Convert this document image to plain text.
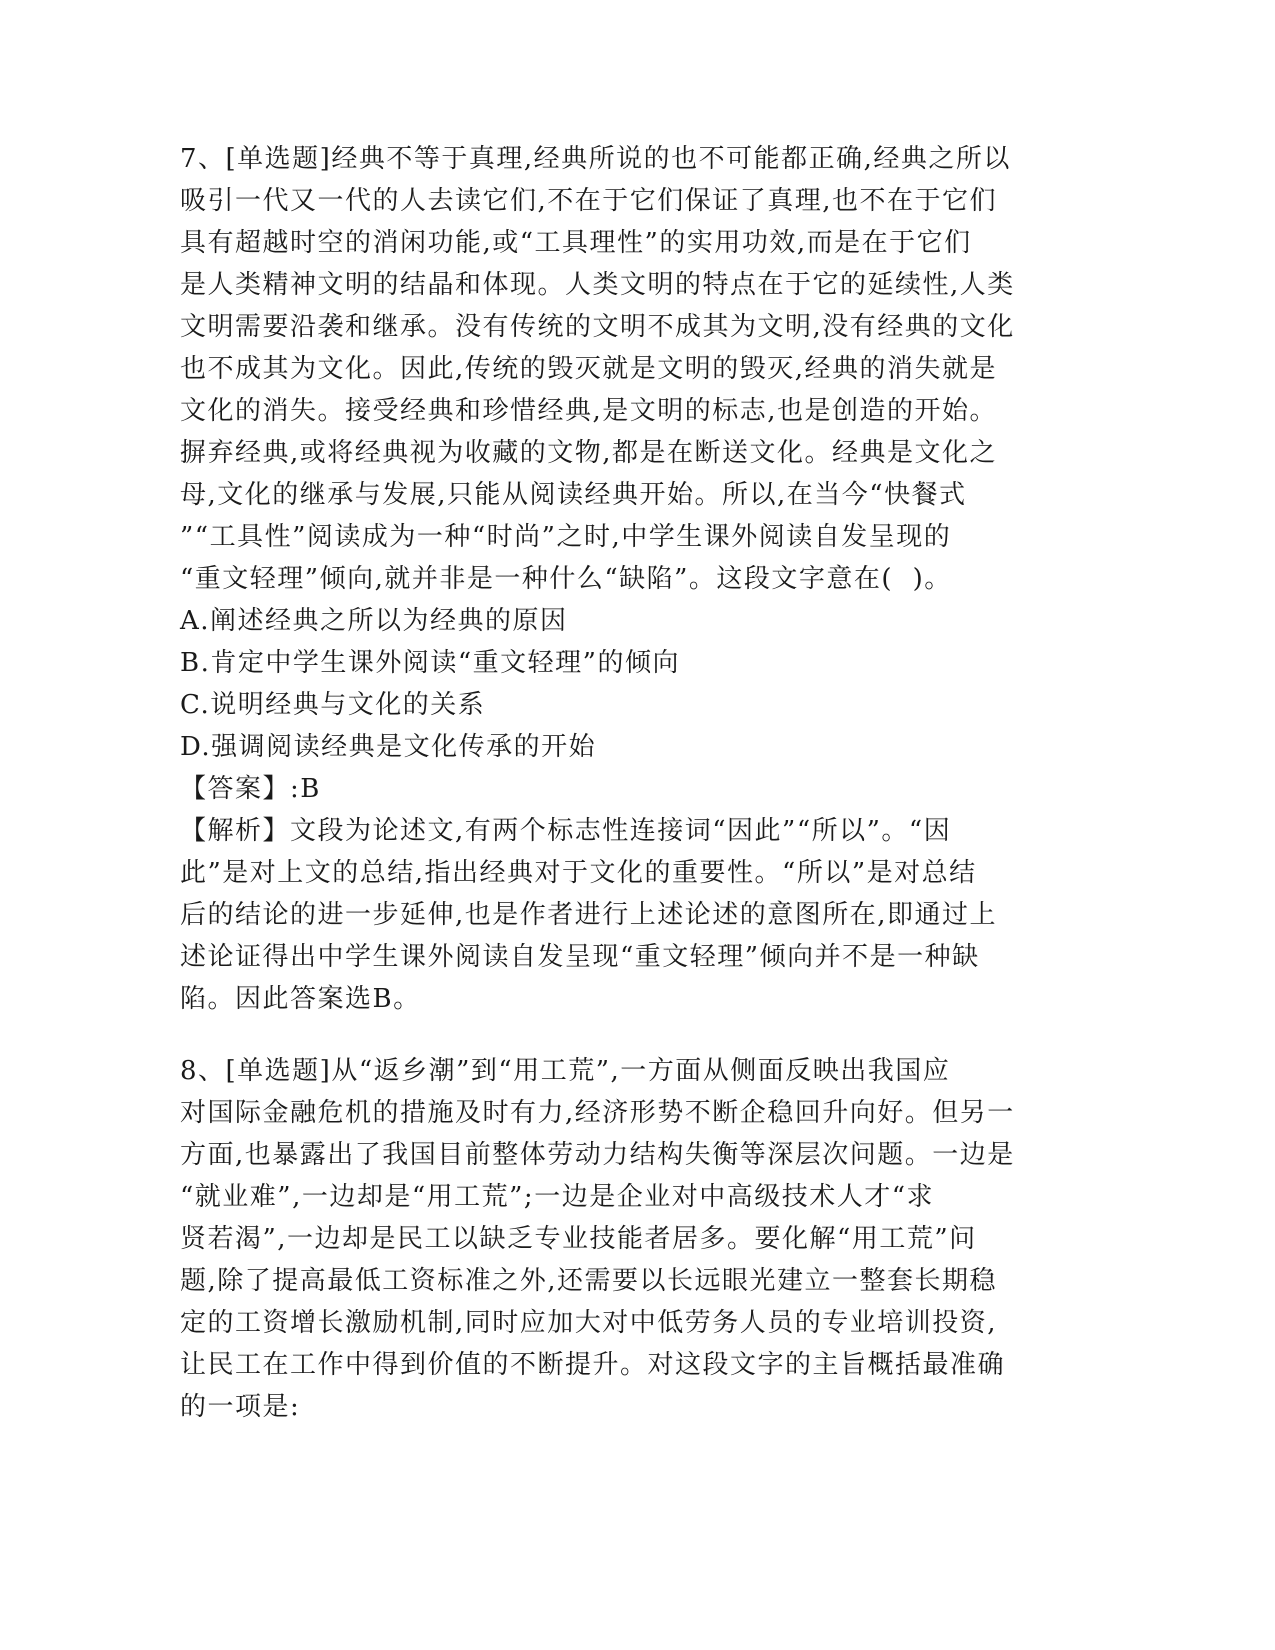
7、[单选题]经典不等于真理,经典所说的也不可能都正确,经典之所以
吸引一代又一代的人去读它们,不在于它们保证了真理,也不在于它们
具有超越时空的消闲功能,或“工具理性”的实用功效,而是在于它们
是人类精神文明的结晶和体现。人类文明的特点在于它的延续性,人类
文明需要沿袭和继承。没有传统的文明不成其为文明,没有经典的文化
也不成其为文化。因此,传统的毁灭就是文明的毁灭,经典的消失就是
文化的消失。接受经典和珍惜经典,是文明的标志,也是创造的开始。
摒弃经典,或将经典视为收藏的文物,都是在断送文化。经典是文化之
母,文化的继承与发展,只能从阅读经典开始。所以,在当今“快餐式
”“工具性”阅读成为一种“时尚”之时,中学生课外阅读自发呈现的
“重文轻理”倾向,就并非是一种什么“缺陷”。这段文字意在(  )。
A.阐述经典之所以为经典的原因
B.肯定中学生课外阅读“重文轻理”的倾向
C.说明经典与文化的关系
D.强调阅读经典是文化传承的开始
【答案】:B
【解析】文段为论述文,有两个标志性连接词“因此”“所以”。“因
此”是对上文的总结,指出经典对于文化的重要性。“所以”是对总结
后的结论的进一步延伸,也是作者进行上述论述的意图所在,即通过上
述论证得出中学生课外阅读自发呈现“重文轻理”倾向并不是一种缺
陷。因此答案选B。
8、[单选题]从“返乡潮”到“用工荒”,一方面从侧面反映出我国应
对国际金融危机的措施及时有力,经济形势不断企稳回升向好。但另一
方面,也暴露出了我国目前整体劳动力结构失衡等深层次问题。一边是
“就业难”,一边却是“用工荒”;一边是企业对中高级技术人才“求
贤若渴”,一边却是民工以缺乏专业技能者居多。要化解“用工荒”问
题,除了提高最低工资标准之外,还需要以长远眼光建立一整套长期稳
定的工资增长激励机制,同时应加大对中低劳务人员的专业培训投资,
让民工在工作中得到价值的不断提升。对这段文字的主旨概括最准确
的一项是:
